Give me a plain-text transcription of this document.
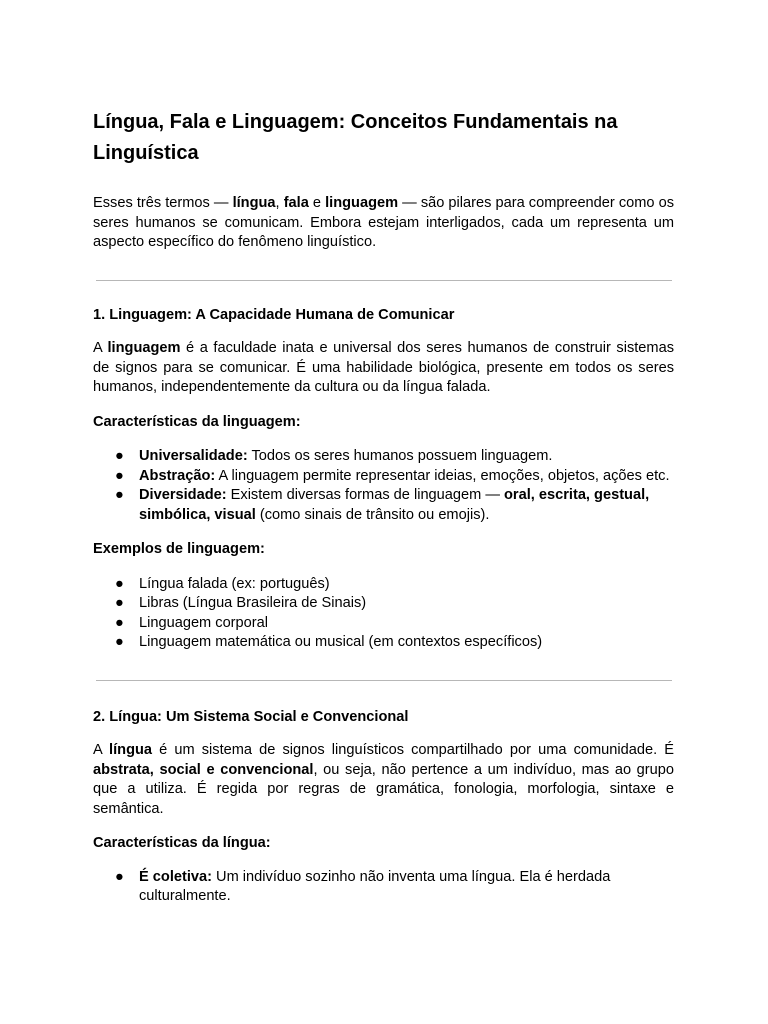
Língua, Fala e Linguagem: Conceitos Fundamentais na Linguística

Esses três termos — língua, fala e linguagem — são pilares para compreender como os seres humanos se comunicam. Embora estejam interligados, cada um representa um aspecto específico do fenômeno linguístico.

1. Linguagem: A Capacidade Humana de Comunicar

A linguagem é a faculdade inata e universal dos seres humanos de construir sistemas de signos para se comunicar. É uma habilidade biológica, presente em todos os seres humanos, independentemente da cultura ou da língua falada.

Características da linguagem:

● Universalidade: Todos os seres humanos possuem linguagem.
● Abstração: A linguagem permite representar ideias, emoções, objetos, ações etc.
● Diversidade: Existem diversas formas de linguagem — oral, escrita, gestual, simbólica, visual (como sinais de trânsito ou emojis).

Exemplos de linguagem:

● Língua falada (ex: português)
● Libras (Língua Brasileira de Sinais)
● Linguagem corporal
● Linguagem matemática ou musical (em contextos específicos)
2. Língua: Um Sistema Social e Convencional

A língua é um sistema de signos linguísticos compartilhado por uma comunidade. É abstrata, social e convencional, ou seja, não pertence a um indivíduo, mas ao grupo que a utiliza. É regida por regras de gramática, fonologia, morfologia, sintaxe e semântica.

Características da língua:

● É coletiva: Um indivíduo sozinho não inventa uma língua. Ela é herdada culturalmente.
